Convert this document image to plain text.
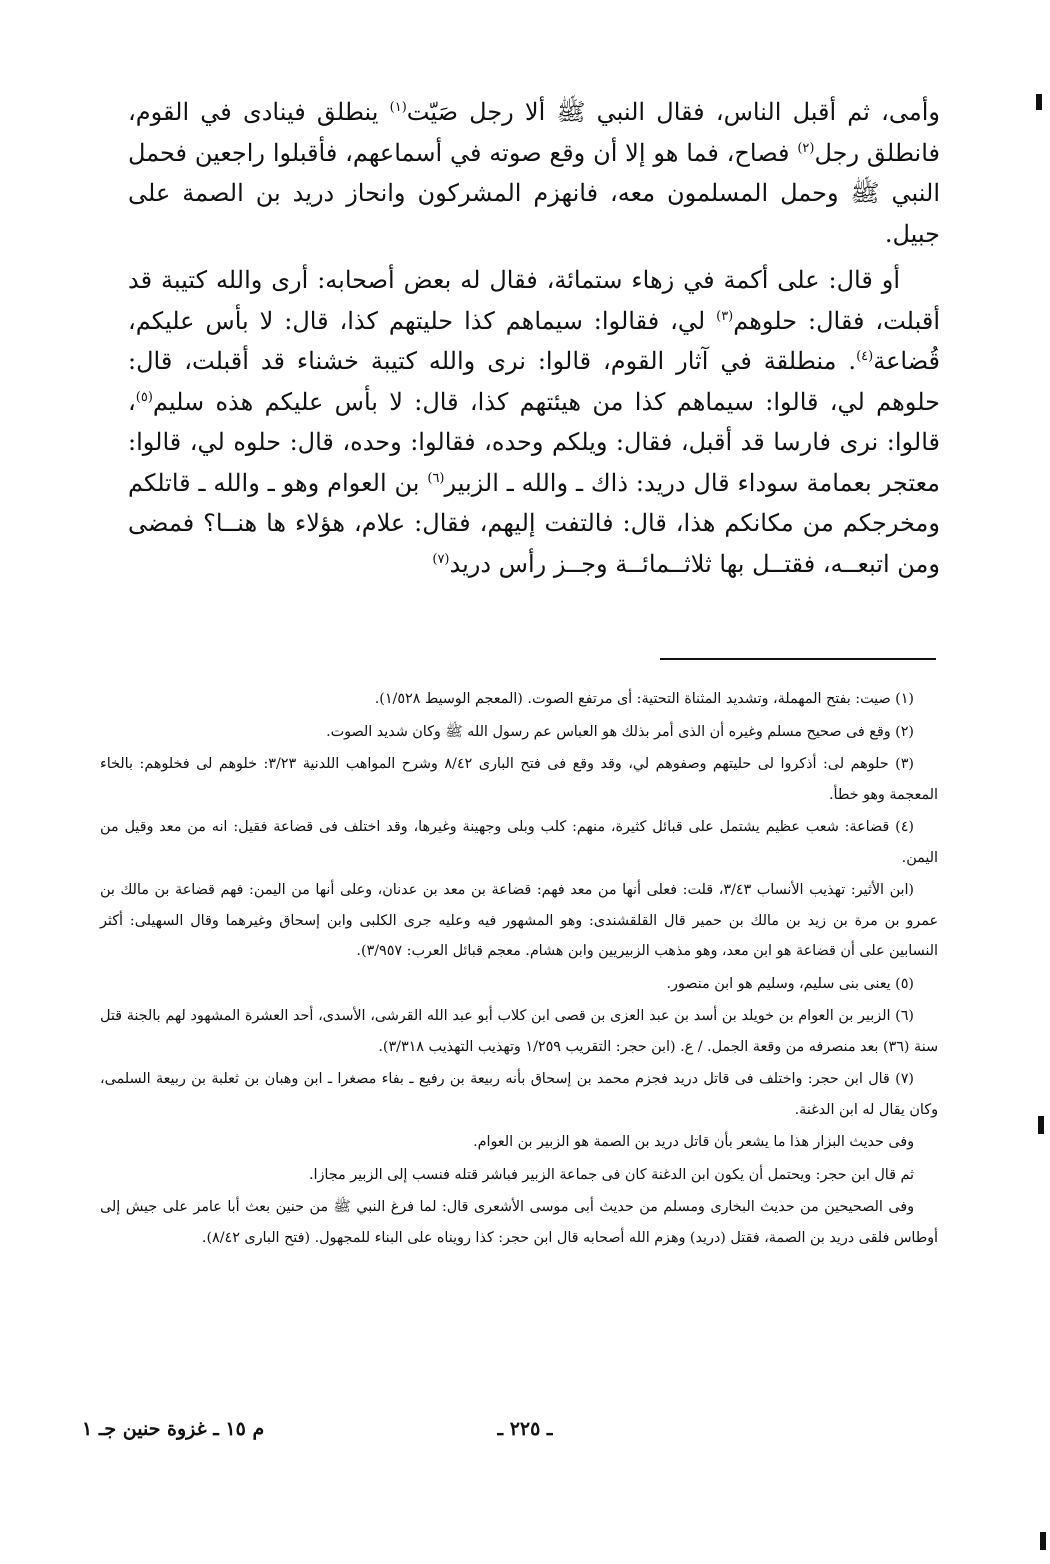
وأمى، ثم أقبل الناس، فقال النبي ﷺ ألا رجل صَيّت$^{(١)}$ ينطلق فينادى في القوم، فانطلق رجل$^{(٢)}$ فصاح، فما هو إلا أن وقع صوته في أسماعهم، فأقبلوا راجعين فحمل النبي ﷺ وحمل المسلمون معه، فانهزم المشركون وانحاز دريد بن الصمة على جبيل.

أو قال: على أكمة في زهاء ستمائة، فقال له بعض أصحابه: أرى والله كتيبة قد أقبلت، فقال: حلوهم$^{(٣)}$ لي، فقالوا: سيماهم كذا حليتهم كذا، قال: لا بأس عليكم، قُضاعة$^{(٤)}$. منطلقة في آثار القوم، قالوا: نرى والله كتيبة خشناء قد أقبلت، قال: حلوهم لي، قالوا: سيماهم كذا من هيئتهم كذا، قال: لا بأس عليكم هذه سليم$^{(٥)}$، قالوا: نرى فارسا قد أقبل، فقال: ويلكم وحده، فقالوا: وحده، قال: حلوه لي، قالوا: معتجر بعمامة سوداء قال دريد: ذاك ـ والله ـ الزبير$^{(٦)}$ بن العوام وهو ـ والله ـ قاتلكم ومخرجكم من مكانكم هذا، قال: فالتفت إليهم، فقال: علام، هؤلاء ها هنــا؟ فمضى ومن اتبعــه، فقتــل بها ثلاثــمائــة وجــز رأس دريد$^{(٧)}$

(١) صيت: بفتح المهملة، وتشديد المثناة التحتية: أى مرتفع الصوت. (المعجم الوسيط ١/٥٢٨).

(٢) وقع فى صحيح مسلم وغيره أن الذى أمر بذلك هو العباس عم رسول الله ﷺ وكان شديد الصوت.

(٣) حلوهم لى: أذكروا لى حليتهم وصفوهم لي، وقد وقع فى فتح البارى ٨/٤٢ وشرح المواهب اللدنية ٣/٢٣: خلوهم لى فخلوهم: بالخاء المعجمة وهو خطأ.

(٤) قضاعة: شعب عظيم يشتمل على قبائل كثيرة، منهم: كلب وبلى وجهينة وغيرها، وقد اختلف فى قضاعة فقيل: انه من معد وقيل من اليمن.

(ابن الأثير: تهذيب الأنساب ٣/٤٣، قلت: فعلى أنها من معد فهم: قضاعة بن معد بن عدنان، وعلى أنها من اليمن: فهم قضاعة بن مالك بن عمرو بن مرة بن زيد بن مالك بن حمير قال القلقشندى: وهو المشهور فيه وعليه جرى الكلبى وابن إسحاق وغيرهما وقال السهيلى: أكثر النسابين على أن قضاعة هو ابن معد، وهو مذهب الزبيريين وابن هشام. معجم قبائل العرب: ٣/٩٥٧).

(٥) يعنى بنى سليم، وسليم هو ابن منصور.

(٦) الزبير بن العوام بن خويلد بن أسد بن عبد العزى بن قصى ابن كلاب أبو عبد الله القرشى، الأسدى، أحد العشرة المشهود لهم بالجنة قتل سنة (٣٦) بعد منصرفه من وقعة الجمل. / ع. (ابن حجر: التقريب ١/٢٥٩ وتهذيب التهذيب ٣/٣١٨).

(٧) قال ابن حجر: واختلف فى قاتل دريد فجزم محمد بن إسحاق بأنه ربيعة بن رفيع ـ بفاء مصغرا ـ ابن وهبان بن ثعلبة بن ربيعة السلمى، وكان يقال له ابن الدغنة.

وفى حديث البزار هذا ما يشعر بأن قاتل دريد بن الصمة هو الزبير بن العوام.

ثم قال ابن حجر: ويحتمل أن يكون ابن الدغنة كان فى جماعة الزبير فباشر قتله فنسب إلى الزبير مجازا.

وفى الصحيحين من حديث البخارى ومسلم من حديث أبى موسى الأشعرى قال: لما فرغ النبي ﷺ من حنين بعث أبا عامر على جيش إلى أوطاس فلقى دريد بن الصمة، فقتل (دريد) وهزم الله أصحابه قال ابن حجر: كذا رويناه على البناء للمجهول. (فتح البارى ٨/٤٢).

ـ ٢٢٥ ـ
م ١٥ ـ غزوة حنين جـ ١
